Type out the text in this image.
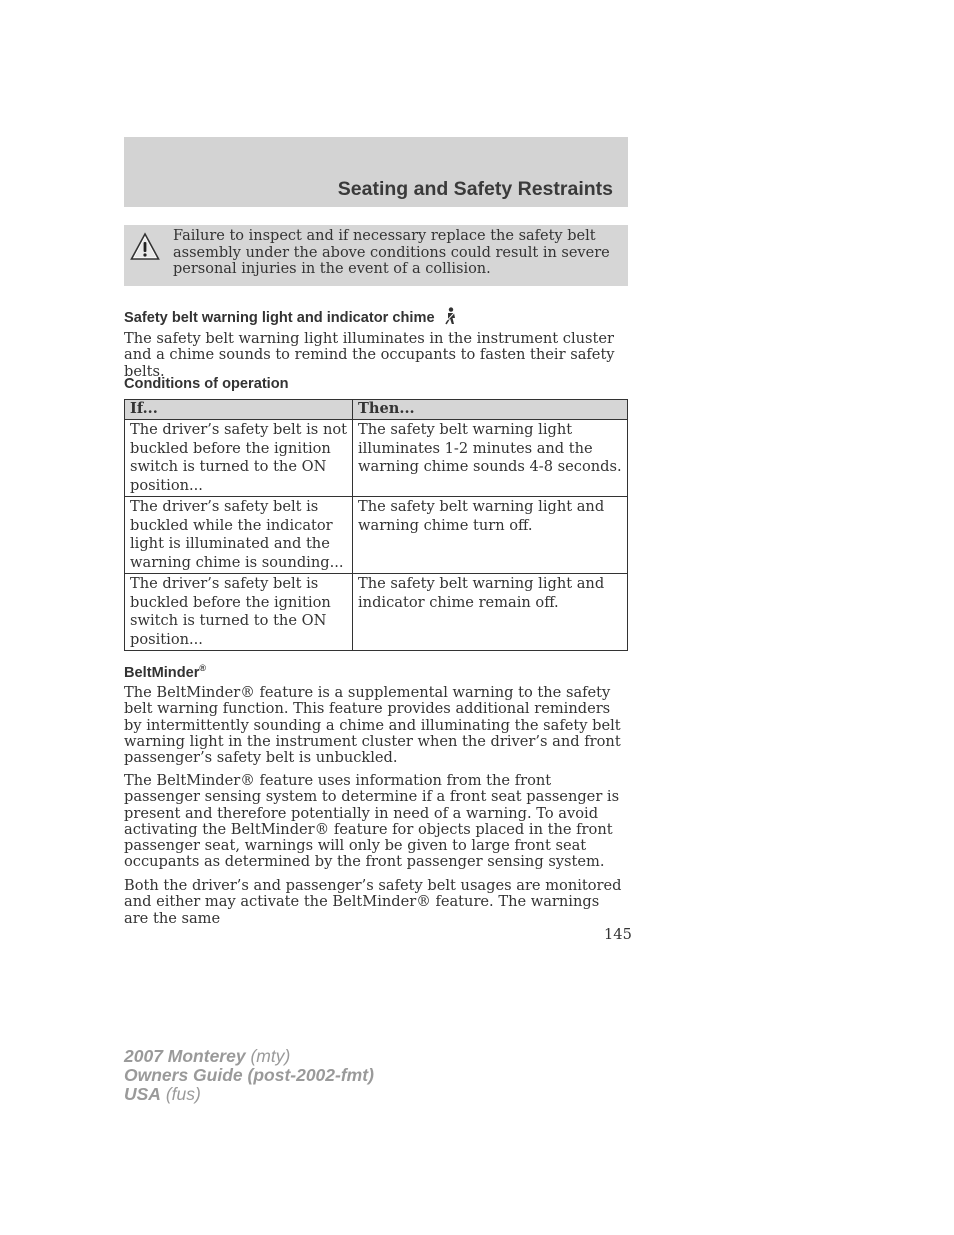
Seating and Safety Restraints
Failure to inspect and if necessary replace the safety belt assembly under the above conditions could result in severe personal injuries in the event of a collision.
Safety belt warning light and indicator chime
The safety belt warning light illuminates in the instrument cluster and a chime sounds to remind the occupants to fasten their safety belts.
Conditions of operation
If...	Then...
The driver’s safety belt is not buckled before the ignition switch is turned to the ON position...	The safety belt warning light illuminates 1-2 minutes and the warning chime sounds 4-8 seconds.
The driver’s safety belt is buckled while the indicator light is illuminated and the warning chime is sounding...	The safety belt warning light and warning chime turn off.
The driver’s safety belt is buckled before the ignition switch is turned to the ON position...	The safety belt warning light and indicator chime remain off.
BeltMinder®
The BeltMinder® feature is a supplemental warning to the safety belt warning function. This feature provides additional reminders by intermittently sounding a chime and illuminating the safety belt warning light in the instrument cluster when the driver’s and front passenger’s safety belt is unbuckled.
The BeltMinder® feature uses information from the front passenger sensing system to determine if a front seat passenger is present and therefore potentially in need of a warning. To avoid activating the BeltMinder® feature for objects placed in the front passenger seat, warnings will only be given to large front seat occupants as determined by the front passenger sensing system.
Both the driver’s and passenger’s safety belt usages are monitored and either may activate the BeltMinder® feature. The warnings are the same
145
2007 Monterey (mty)
Owners Guide (post-2002-fmt)
USA (fus)
